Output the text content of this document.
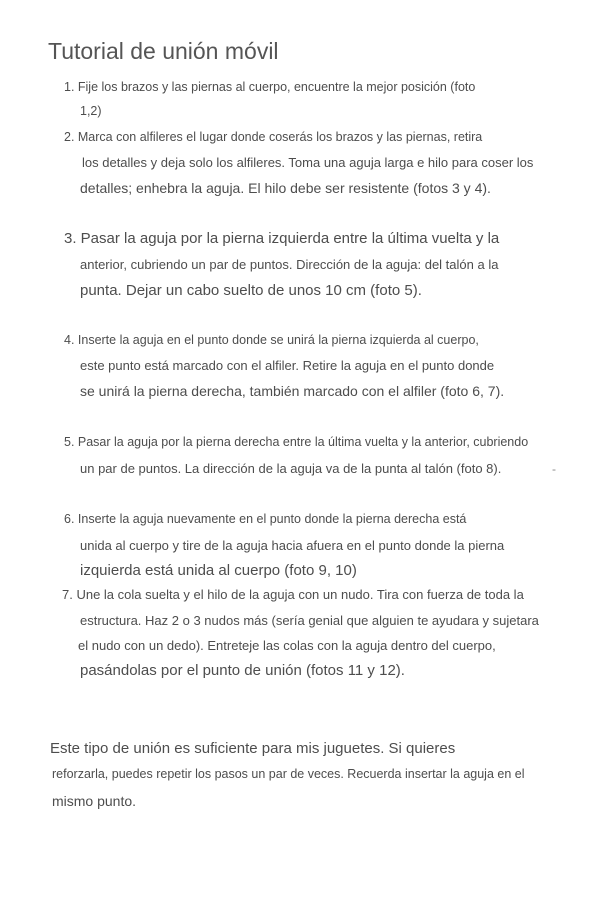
Tutorial de unión móvil

1. Fije los brazos y las piernas al cuerpo, encuentre la mejor posición (foto

1,2)

2. Marca con alfileres el lugar donde coserás los brazos y las piernas, retira

los detalles y deja solo los alfileres. Toma una aguja larga e hilo para coser los

detalles; enhebra la aguja. El hilo debe ser resistente (fotos 3 y 4).

3. Pasar la aguja por la pierna izquierda entre la última vuelta y la

anterior, cubriendo un par de puntos. Dirección de la aguja: del talón a la

punta. Dejar un cabo suelto de unos 10 cm (foto 5).

4. Inserte la aguja en el punto donde se unirá la pierna izquierda al cuerpo,

este punto está marcado con el alfiler. Retire la aguja en el punto donde

se unirá la pierna derecha, también marcado con el alfiler (foto 6, 7).

5. Pasar la aguja por la pierna derecha entre la última vuelta y la anterior, cubriendo

un par de puntos. La dirección de la aguja va de la punta al talón (foto 8).	-

6. Inserte la aguja nuevamente en el punto donde la pierna derecha está

unida al cuerpo y tire de la aguja hacia afuera en el punto donde la pierna

izquierda está unida al cuerpo (foto 9, 10)

7. Une la cola suelta y el hilo de la aguja con un nudo. Tira con fuerza de toda la

estructura. Haz 2 o 3 nudos más (sería genial que alguien te ayudara y sujetara

el nudo con un dedo). Entreteje las colas con la aguja dentro del cuerpo,

pasándolas por el punto de unión (fotos 11 y 12).

Este tipo de unión es suficiente para mis juguetes. Si quieres

reforzarla, puedes repetir los pasos un par de veces. Recuerda insertar la aguja en el

mismo punto.
